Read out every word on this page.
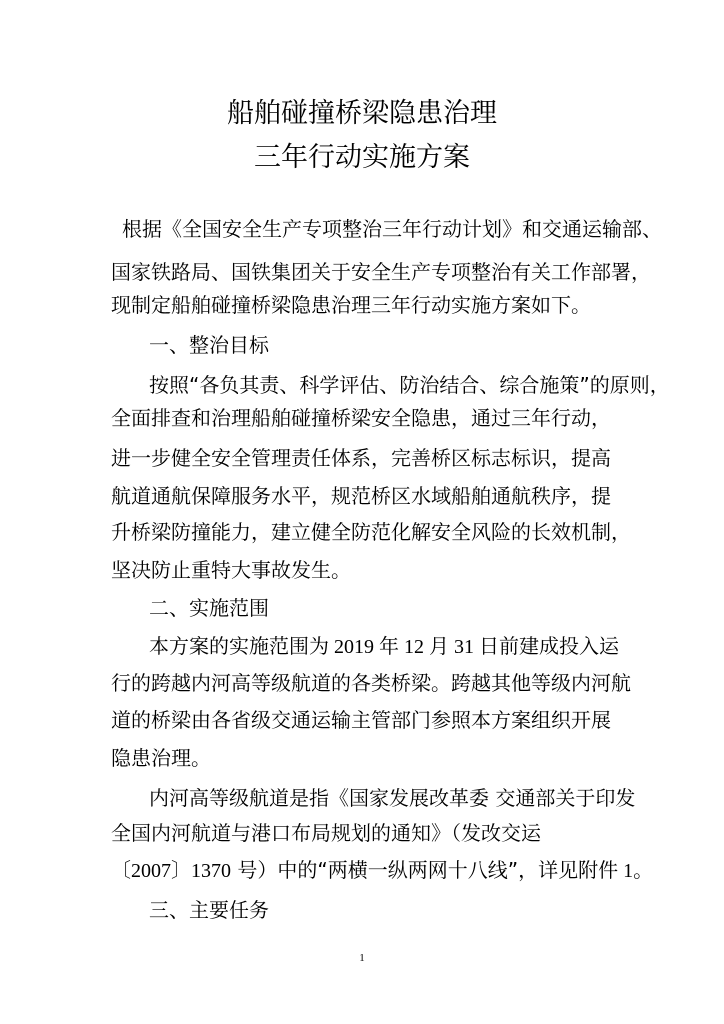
船舶碰撞桥梁隐患治理
三年行动实施方案
根据《全国安全生产专项整治三年行动计划》和交通运输部、
国家铁路局、国铁集团关于安全生产专项整治有关工作部署，
现制定船舶碰撞桥梁隐患治理三年行动实施方案如下。
一、整治目标
按照“各负其责、科学评估、防治结合、综合施策”的原则，
全面排查和治理船舶碰撞桥梁安全隐患，通过三年行动，
进一步健全安全管理责任体系，完善桥区标志标识，提高
航道通航保障服务水平，规范桥区水域船舶通航秩序，提
升桥梁防撞能力，建立健全防范化解安全风险的长效机制，
坚决防止重特大事故发生。
二、实施范围
本方案的实施范围为 2019 年 12 月 31 日前建成投入运
行的跨越内河高等级航道的各类桥梁。跨越其他等级内河航
道的桥梁由各省级交通运输主管部门参照本方案组织开展
隐患治理。
内河高等级航道是指《国家发展改革委 交通部关于印发
全国内河航道与港口布局规划的通知》（发改交运
〔2007〕1370 号）中的“两横一纵两网十八线”，详见附件 1。
三、主要任务
1
